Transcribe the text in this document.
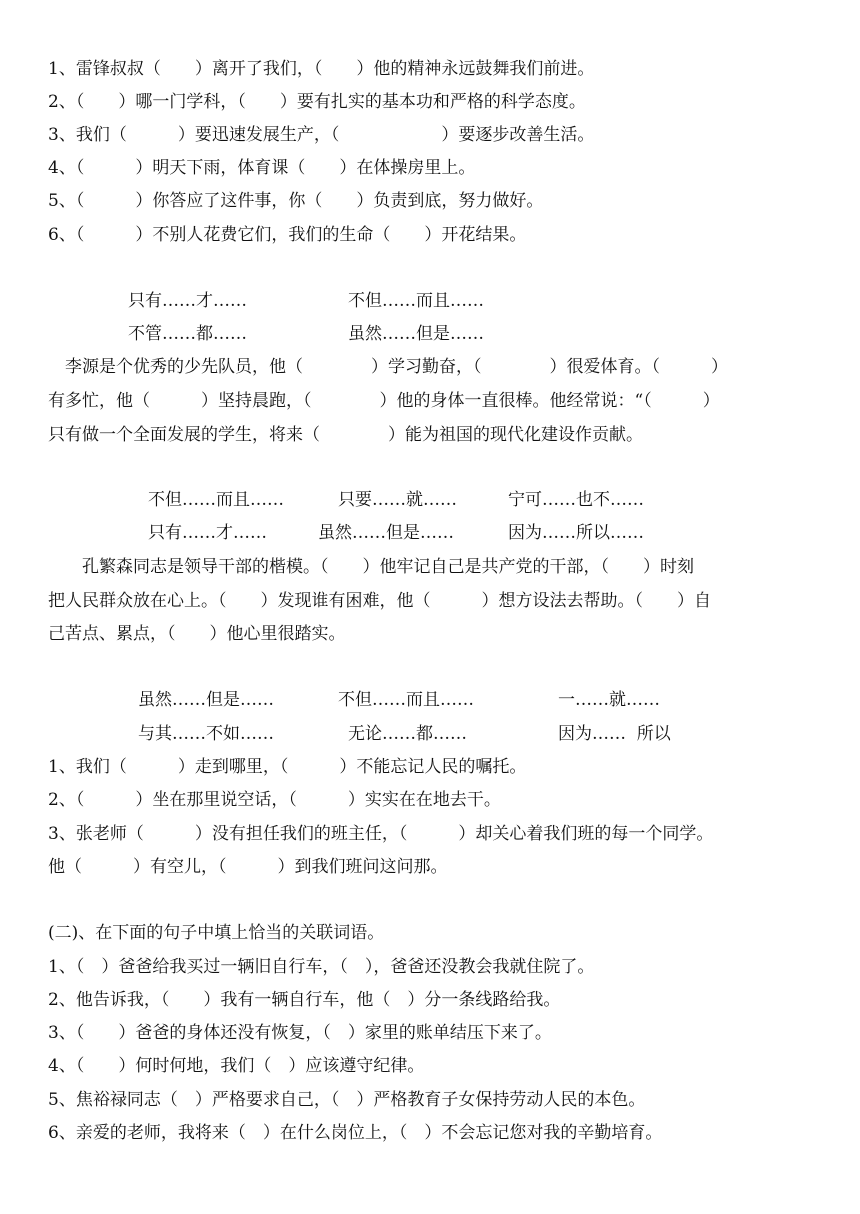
1、雷锋叔叔（　　）离开了我们，（　　）他的精神永远鼓舞我们前进。
2、（　　）哪一门学科，（　　）要有扎实的基本功和严格的科学态度。
3、我们（　　　）要迅速发展生产，（　　　　　　）要逐步改善生活。
4、（　　　）明天下雨，体育课（　　）在体操房里上。
5、（　　　）你答应了这件事，你（　　）负责到底，努力做好。
6、（　　　）不别人花费它们，我们的生命（　　）开花结果。
只有……才……	不但……而且……
不管……都……	虽然……但是……
　李源是个优秀的少先队员，他（　　　　）学习勤奋，（　　　　）很爱体育。（　　　）
有多忙，他（　　　）坚持晨跑，（　　　　）他的身体一直很棒。他经常说：“（　　　）
只有做一个全面发展的学生，将来（　　　　）能为祖国的现代化建设作贡献。
不但……而且……	只要……就……	宁可……也不……
只有……才……	虽然……但是……	因为……所以……
　　孔繁森同志是领导干部的楷模。（　　）他牢记自己是共产党的干部，（　　）时刻
把人民群众放在心上。（　　）发现谁有困难，他（　　　）想方设法去帮助。（　　）自
己苦点、累点，（　　）他心里很踏实。
虽然……但是……	不但……而且……	一……就……
与其……不如……	无论……都……	因为……  所以
1、我们（　　　）走到哪里，（　　　）不能忘记人民的嘱托。
2、（　　　）坐在那里说空话，（　　　）实实在在地去干。
3、张老师（　　　）没有担任我们的班主任，（　　　）却关心着我们班的每一个同学。
他（　　　）有空儿，（　　　）到我们班问这问那。
(二)、在下面的句子中填上恰当的关联词语。
1、（　）爸爸给我买过一辆旧自行车，（　），爸爸还没教会我就住院了。
2、他告诉我，（　　）我有一辆自行车，他（　）分一条线路给我。
3、（　　）爸爸的身体还没有恢复，（　）家里的账单结压下来了。
4、（　　）何时何地，我们（　）应该遵守纪律。
5、焦裕禄同志（　）严格要求自己，（　）严格教育子女保持劳动人民的本色。
6、亲爱的老师，我将来（　）在什么岗位上，（　）不会忘记您对我的辛勤培育。
